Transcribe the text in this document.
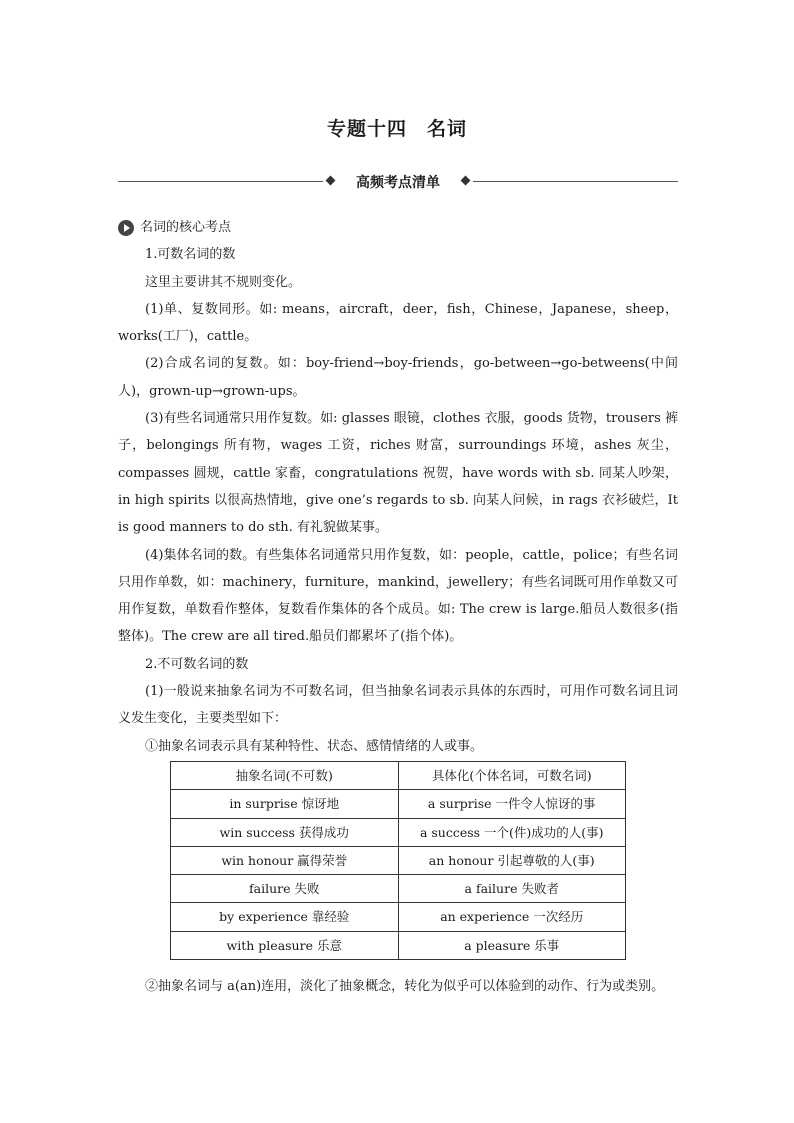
专题十四　名词
高频考点清单
名词的核心考点

1.可数名词的数

这里主要讲其不规则变化。

(1)单、复数同形。如: means，aircraft，deer，fish，Chinese，Japanese，sheep，works(工厂)，cattle。

(2)合成名词的复数。如：boy-friend→boy-friends，go-between→go-betweens(中间人)，grown-up→grown-ups。

(3)有些名词通常只用作复数。如: glasses 眼镜，clothes 衣服，goods 货物，trousers 裤子，belongings 所有物，wages 工资，riches 财富，surroundings 环境，ashes 灰尘，compasses 圆规，cattle 家畜，congratulations 祝贺，have words with sb. 同某人吵架，in high spirits 以很高热情地，give one’s regards to sb. 向某人问候，in rags 衣衫破烂，It is good manners to do sth. 有礼貌做某事。

(4)集体名词的数。有些集体名词通常只用作复数，如：people，cattle，police；有些名词只用作单数，如：machinery，furniture，mankind，jewellery；有些名词既可用作单数又可用作复数，单数看作整体，复数看作集体的各个成员。如: The crew is large.船员人数很多(指整体)。The crew are all tired.船员们都累坏了(指个体)。

2.不可数名词的数

(1)一般说来抽象名词为不可数名词，但当抽象名词表示具体的东西时，可用作可数名词且词义发生变化，主要类型如下：

①抽象名词表示具有某种特性、状态、感情情绪的人或事。

抽象名词(不可数)	具体化(个体名词，可数名词)
in surprise 惊讶地	a surprise 一件令人惊讶的事
win success 获得成功	a success 一个(件)成功的人(事)
win honour 赢得荣誉	an honour 引起尊敬的人(事)
failure 失败	a failure 失败者
by experience 靠经验	an experience 一次经历
with pleasure 乐意	a pleasure 乐事

②抽象名词与 a(an)连用，淡化了抽象概念，转化为似乎可以体验到的动作、行为或类别。
